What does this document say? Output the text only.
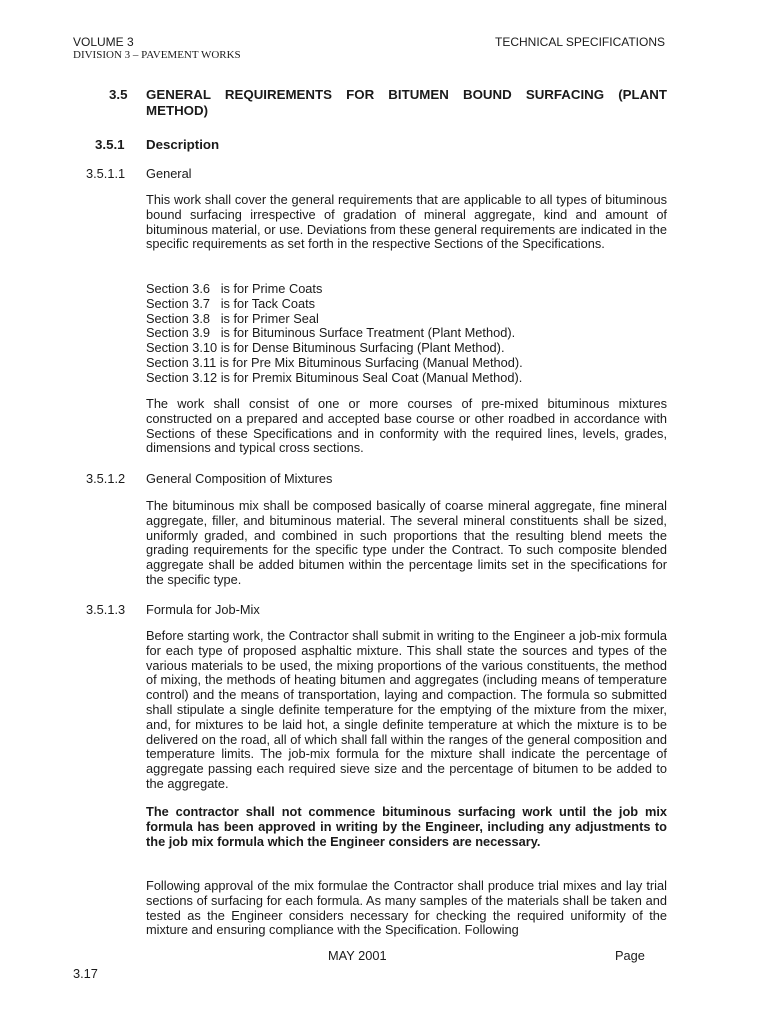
VOLUME 3
DIVISION 3 – PAVEMENT WORKS
TECHNICAL SPECIFICATIONS
3.5 GENERAL REQUIREMENTS FOR BITUMEN BOUND SURFACING (PLANT
METHOD)
3.5.1 Description
3.5.1.1 General
This work shall cover the general requirements that are applicable to all types of bituminous bound surfacing irrespective of gradation of mineral aggregate, kind and amount of bituminous material, or use. Deviations from these general requirements are indicated in the specific requirements as set forth in the respective Sections of the Specifications.
Section 3.6   is for Prime Coats
Section 3.7   is for Tack Coats
Section 3.8   is for Primer Seal
Section 3.9   is for Bituminous Surface Treatment (Plant Method).
Section 3.10 is for Dense Bituminous Surfacing (Plant Method).
Section 3.11 is for Pre Mix Bituminous Surfacing (Manual Method).
Section 3.12 is for Premix Bituminous Seal Coat (Manual Method).
The work shall consist of one or more courses of pre-mixed bituminous mixtures constructed on a prepared and accepted base course or other roadbed in accordance with Sections of these Specifications and in conformity with the required lines, levels, grades, dimensions and typical cross sections.
3.5.1.2 General Composition of Mixtures
The bituminous mix shall be composed basically of coarse mineral aggregate, fine mineral aggregate, filler, and bituminous material. The several mineral constituents shall be sized, uniformly graded, and combined in such proportions that the resulting blend meets the grading requirements for the specific type under the Contract. To such composite blended aggregate shall be added bitumen within the percentage limits set in the specifications for the specific type.
3.5.1.3 Formula for Job-Mix
Before starting work, the Contractor shall submit in writing to the Engineer a job-mix formula for each type of proposed asphaltic mixture. This shall state the sources and types of the various materials to be used, the mixing proportions of the various constituents, the method of mixing, the methods of heating bitumen and aggregates (including means of temperature control) and the means of transportation, laying and compaction. The formula so submitted shall stipulate a single definite temperature for the emptying of the mixture from the mixer, and, for mixtures to be laid hot, a single definite temperature at which the mixture is to be delivered on the road, all of which shall fall within the ranges of the general composition and temperature limits. The job-mix formula for the mixture shall indicate the percentage of aggregate passing each required sieve size and the percentage of bitumen to be added to the aggregate.
The contractor shall not commence bituminous surfacing work until the job mix formula has been approved in writing by the Engineer, including any adjustments to the job mix formula which the Engineer considers are necessary.
Following approval of the mix formulae the Contractor shall produce trial mixes and lay trial sections of surfacing for each formula. As many samples of the materials shall be taken and tested as the Engineer considers necessary for checking the required uniformity of the mixture and ensuring compliance with the Specification. Following
MAY 2001	Page
3.17
